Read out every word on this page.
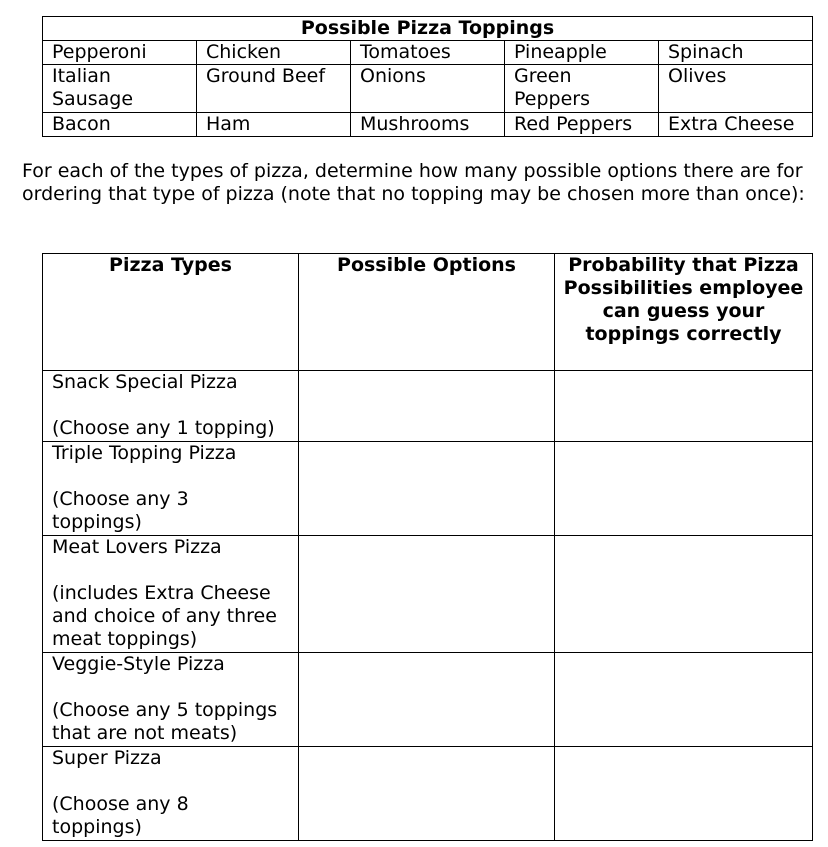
Possible Pizza Toppings				
Pepperoni	Chicken	Tomatoes	Pineapple	Spinach
Italian Sausage	Ground Beef	Onions	Green Peppers	Olives
Bacon	Ham	Mushrooms	Red Peppers	Extra Cheese

For each of the types of pizza, determine how many possible options there are for ordering that type of pizza (note that no topping may be chosen more than once):

Pizza Types	Possible Options	Probability that Pizza Possibilities employee can guess your toppings correctly

Snack Special Pizza
(Choose any 1 topping)		

Triple Topping Pizza
(Choose any 3 toppings)		

Meat Lovers Pizza
(includes Extra Cheese and choice of any three meat toppings)		

Veggie-Style Pizza
(Choose any 5 toppings that are not meats)		

Super Pizza
(Choose any 8 toppings)		
